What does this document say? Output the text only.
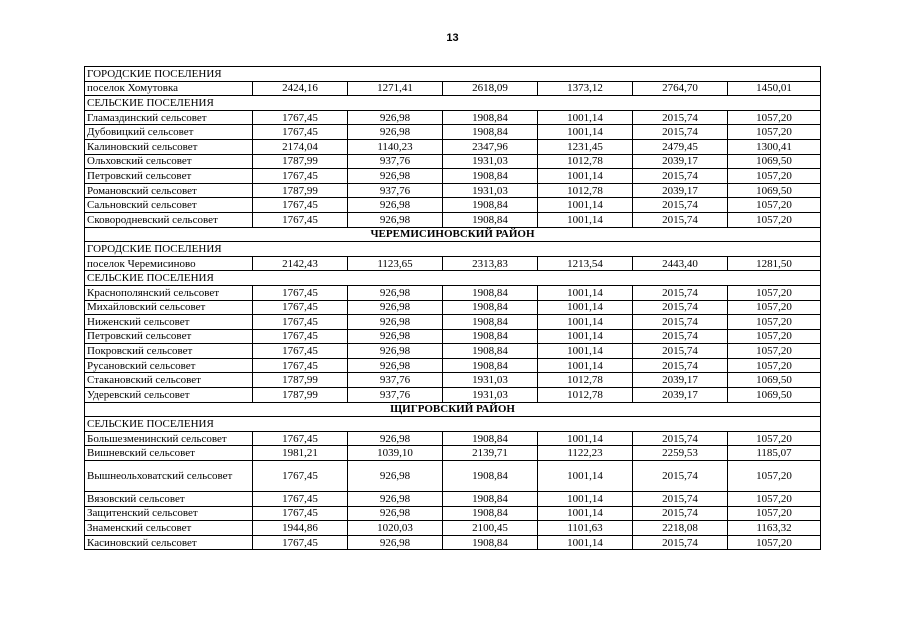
13
ГОРОДСКИЕ ПОСЕЛЕНИЯ						
поселок Хомутовка	2424,16	1271,41	2618,09	1373,12	2764,70	1450,01
СЕЛЬСКИЕ ПОСЕЛЕНИЯ						
Гламаздинский сельсовет	1767,45	926,98	1908,84	1001,14	2015,74	1057,20
Дубовицкий сельсовет	1767,45	926,98	1908,84	1001,14	2015,74	1057,20
Калиновский сельсовет	2174,04	1140,23	2347,96	1231,45	2479,45	1300,41
Ольховский сельсовет	1787,99	937,76	1931,03	1012,78	2039,17	1069,50
Петровский сельсовет	1767,45	926,98	1908,84	1001,14	2015,74	1057,20
Романовский сельсовет	1787,99	937,76	1931,03	1012,78	2039,17	1069,50
Сальновский сельсовет	1767,45	926,98	1908,84	1001,14	2015,74	1057,20
Сковородневский сельсовет	1767,45	926,98	1908,84	1001,14	2015,74	1057,20
ЧЕРЕМИСИНОВСКИЙ РАЙОН						
ГОРОДСКИЕ ПОСЕЛЕНИЯ						
поселок Черемисиново	2142,43	1123,65	2313,83	1213,54	2443,40	1281,50
СЕЛЬСКИЕ ПОСЕЛЕНИЯ						
Краснополянский сельсовет	1767,45	926,98	1908,84	1001,14	2015,74	1057,20
Михайловский сельсовет	1767,45	926,98	1908,84	1001,14	2015,74	1057,20
Ниженский сельсовет	1767,45	926,98	1908,84	1001,14	2015,74	1057,20
Петровский сельсовет	1767,45	926,98	1908,84	1001,14	2015,74	1057,20
Покровский сельсовет	1767,45	926,98	1908,84	1001,14	2015,74	1057,20
Русановский сельсовет	1767,45	926,98	1908,84	1001,14	2015,74	1057,20
Стакановский сельсовет	1787,99	937,76	1931,03	1012,78	2039,17	1069,50
Удеревский сельсовет	1787,99	937,76	1931,03	1012,78	2039,17	1069,50
ЩИГРОВСКИЙ РАЙОН						
СЕЛЬСКИЕ ПОСЕЛЕНИЯ						
Большезменинский сельсовет	1767,45	926,98	1908,84	1001,14	2015,74	1057,20
Вишневский сельсовет	1981,21	1039,10	2139,71	1122,23	2259,53	1185,07
Вышнеольховатский сельсовет	1767,45	926,98	1908,84	1001,14	2015,74	1057,20
Вязовский сельсовет	1767,45	926,98	1908,84	1001,14	2015,74	1057,20
Защитенский сельсовет	1767,45	926,98	1908,84	1001,14	2015,74	1057,20
Знаменский сельсовет	1944,86	1020,03	2100,45	1101,63	2218,08	1163,32
Касиновский сельсовет	1767,45	926,98	1908,84	1001,14	2015,74	1057,20
